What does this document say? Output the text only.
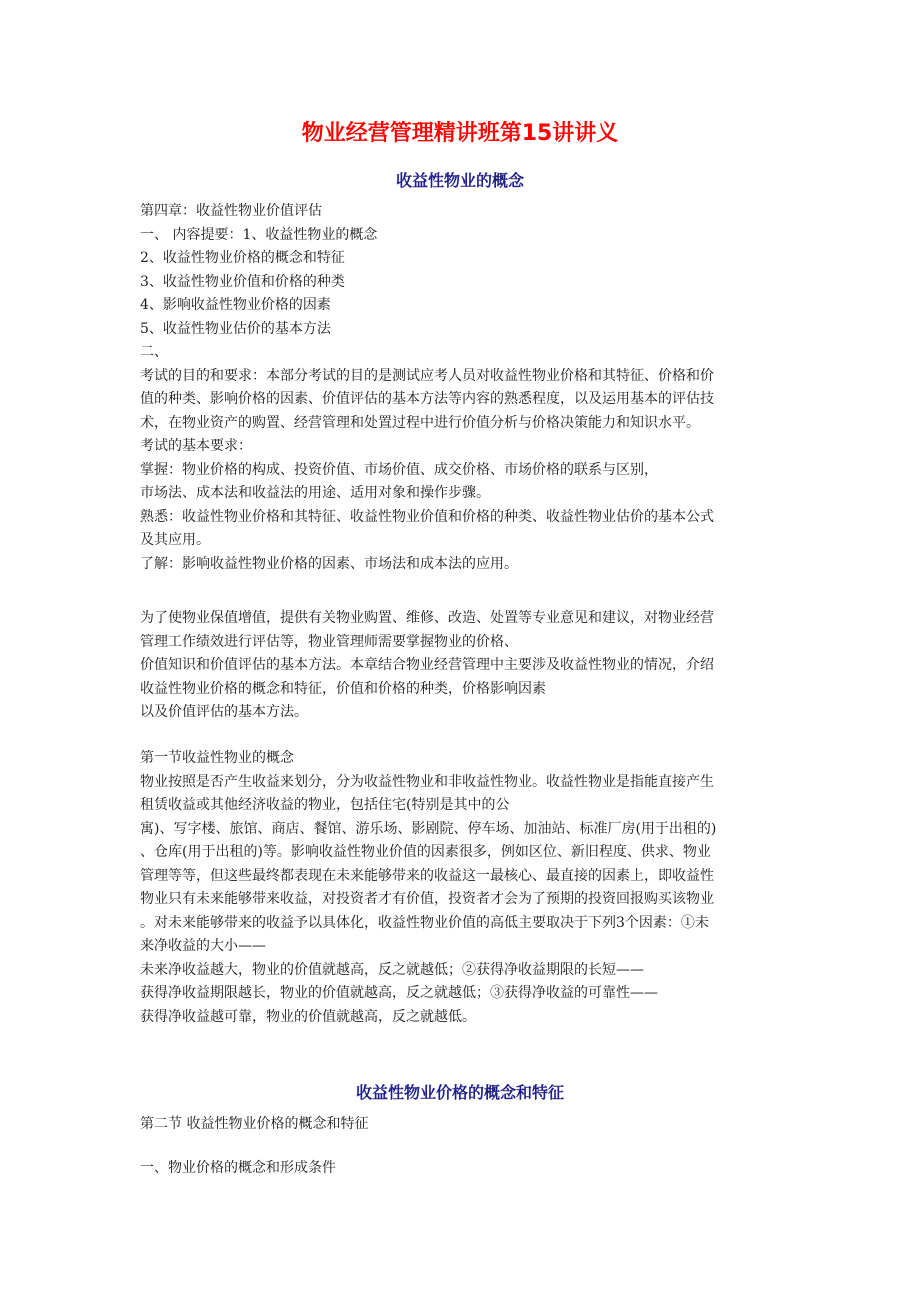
物业经营管理精讲班第15讲讲义
收益性物业的概念

第四章：收益性物业价值评估

一、 内容提要：1、收益性物业的概念

2、收益性物业价格的概念和特征

3、收益性物业价值和价格的种类

4、影响收益性物业价格的因素

5、收益性物业估价的基本方法

二、

考试的目的和要求：本部分考试的目的是测试应考人员对收益性物业价格和其特征、价格和价

值的种类、影响价格的因素、价值评估的基本方法等内容的熟悉程度，以及运用基本的评估技

术，在物业资产的购置、经营管理和处置过程中进行价值分析与价格决策能力和知识水平。

考试的基本要求：

掌握：物业价格的构成、投资价值、市场价值、成交价格、市场价格的联系与区别，

市场法、成本法和收益法的用途、适用对象和操作步骤。

熟悉：收益性物业价格和其特征、收益性物业价值和价格的种类、收益性物业估价的基本公式

及其应用。

了解：影响收益性物业价格的因素、市场法和成本法的应用。

为了使物业保值增值，提供有关物业购置、维修、改造、处置等专业意见和建议，对物业经营

管理工作绩效进行评估等，物业管理师需要掌握物业的价格、

价值知识和价值评估的基本方法。本章结合物业经营管理中主要涉及收益性物业的情况，介绍

收益性物业价格的概念和特征，价值和价格的种类，价格影响因素

以及价值评估的基本方法。

第一节收益性物业的概念

物业按照是否产生收益来划分，分为收益性物业和非收益性物业。收益性物业是指能直接产生

租赁收益或其他经济收益的物业，包括住宅(特别是其中的公

寓)、写字楼、旅馆、商店、餐馆、游乐场、影剧院、停车场、加油站、标准厂房(用于出租的)

、仓库(用于出租的)等。影响收益性物业价值的因素很多，例如区位、新旧程度、供求、物业

管理等等，但这些最终都表现在未来能够带来的收益这一最核心、最直接的因素上，即收益性

物业只有未来能够带来收益，对投资者才有价值，投资者才会为了预期的投资回报购买该物业

。对未来能够带来的收益予以具体化，收益性物业价值的高低主要取决于下列3个因素：①未

来净收益的大小——

未来净收益越大，物业的价值就越高，反之就越低；②获得净收益期限的长短——

获得净收益期限越长，物业的价值就越高，反之就越低；③获得净收益的可靠性——

获得净收益越可靠，物业的价值就越高，反之就越低。

收益性物业价格的概念和特征

第二节 收益性物业价格的概念和特征

一、物业价格的概念和形成条件
